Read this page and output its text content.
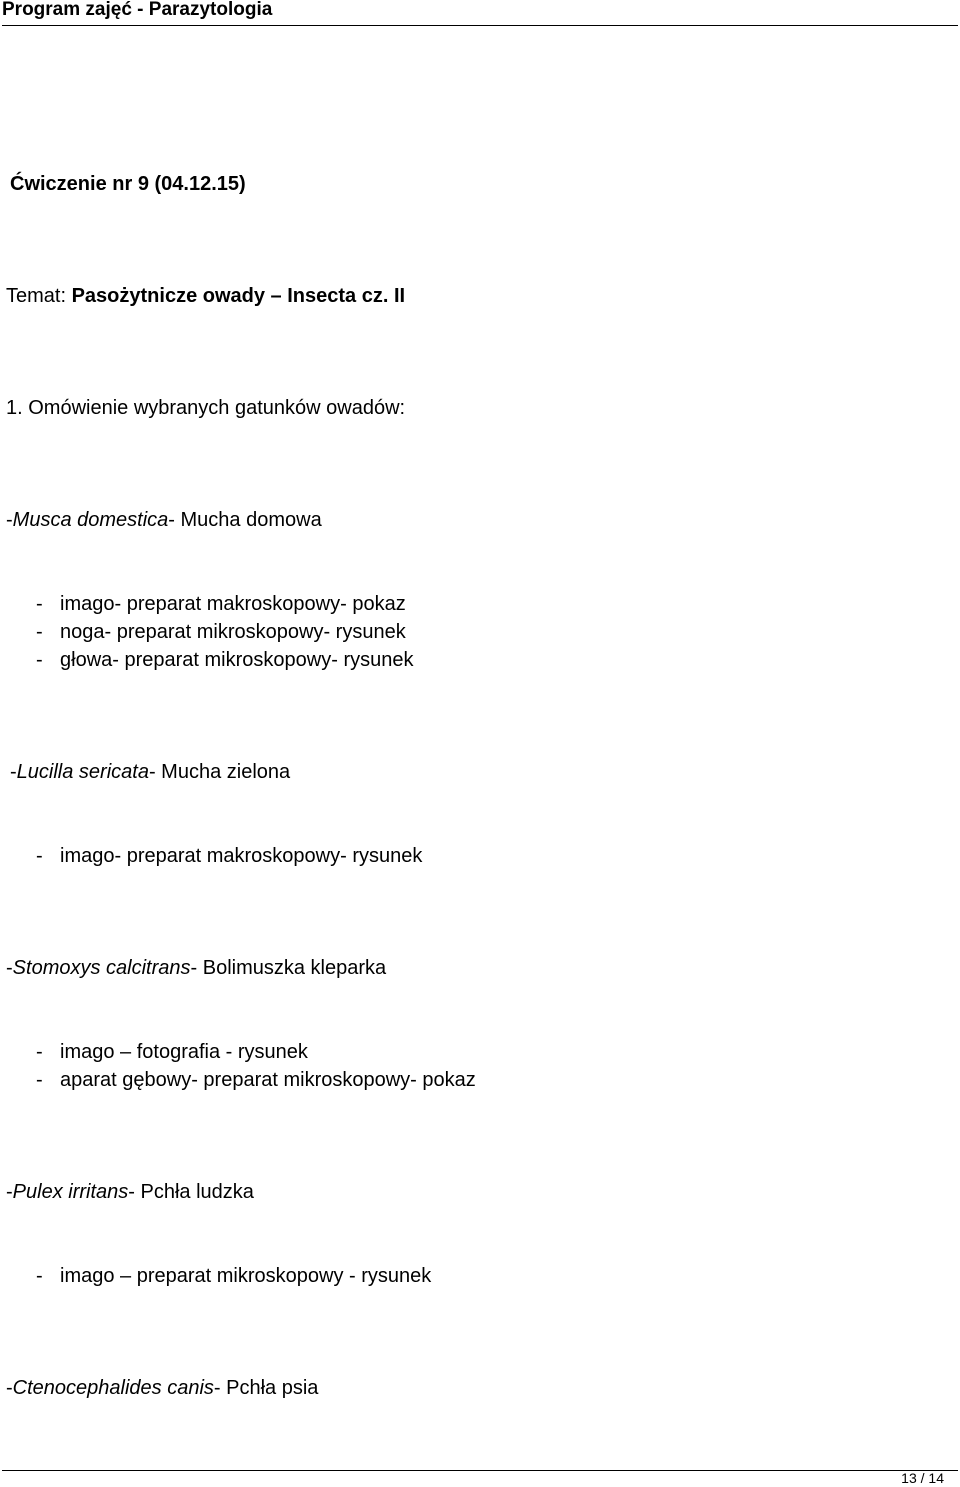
Program zajęć - Parazytologia
Ćwiczenie nr 9 (04.12.15)
Temat: Pasożytnicze owady – Insecta cz. II
1. Omówienie wybranych gatunków owadów:
-Musca domestica- Mucha domowa
- imago- preparat makroskopowy- pokaz
- noga- preparat mikroskopowy- rysunek
- głowa- preparat mikroskopowy- rysunek
-Lucilla sericata- Mucha zielona
- imago- preparat makroskopowy- rysunek
-Stomoxys calcitrans- Bolimuszka kleparka
- imago – fotografia - rysunek
- aparat gębowy- preparat mikroskopowy- pokaz
-Pulex irritans- Pchła ludzka
- imago – preparat mikroskopowy - rysunek
-Ctenocephalides canis- Pchła psia
13 / 14
